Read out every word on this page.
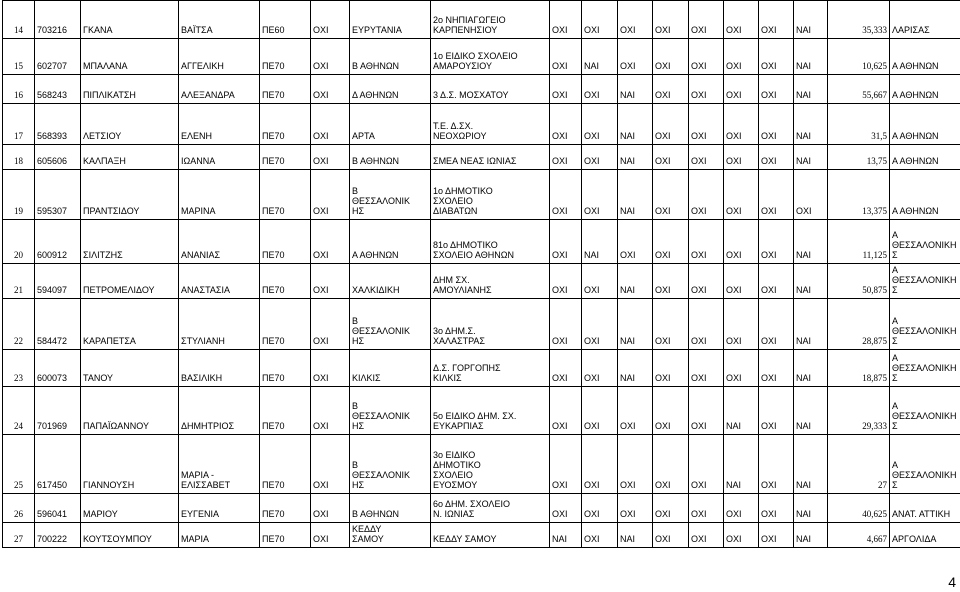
14	703216	ΓΚΑΝΑ	ΒΑΪΤΣΑ	ΠΕ60	ΟΧΙ	ΕΥΡΥΤΑΝΙΑ	2ο ΝΗΠΙΑΓΩΓΕΙΟ
ΚΑΡΠΕΝΗΣΙΟΥ	ΟΧΙ	ΟΧΙ	ΟΧΙ	ΟΧΙ	ΟΧΙ	ΟΧΙ	ΟΧΙ	ΝΑΙ	35,333	ΛΑΡΙΣΑΣ
15	602707	ΜΠΑΛΑΝΑ	ΑΓΓΕΛΙΚΗ	ΠΕ70	ΟΧΙ	Β ΑΘΗΝΩΝ	1ο ΕΙΔΙΚΟ ΣΧΟΛΕΙΟ
ΑΜΑΡΟΥΣΙΟΥ	ΟΧΙ	ΝΑΙ	ΟΧΙ	ΟΧΙ	ΟΧΙ	ΟΧΙ	ΟΧΙ	ΝΑΙ	10,625	Α ΑΘΗΝΩΝ
16	568243	ΠΙΠΛΙΚΑΤΣΗ	ΑΛΕΞΑΝΔΡΑ	ΠΕ70	ΟΧΙ	Δ ΑΘΗΝΩΝ	3 Δ.Σ. ΜΟΣΧΑΤΟΥ	ΟΧΙ	ΟΧΙ	ΝΑΙ	ΟΧΙ	ΟΧΙ	ΟΧΙ	ΟΧΙ	ΝΑΙ	55,667	Α ΑΘΗΝΩΝ
17	568393	ΛΕΤΣΙΟΥ	ΕΛΕΝΗ	ΠΕ70	ΟΧΙ	ΑΡΤΑ	Τ.Ε. Δ.ΣΧ.
ΝΕΟΧΩΡΙΟΥ	ΟΧΙ	ΟΧΙ	ΝΑΙ	ΟΧΙ	ΟΧΙ	ΟΧΙ	ΟΧΙ	ΝΑΙ	31,5	Α ΑΘΗΝΩΝ
18	605606	ΚΑΛΠΑΞΗ	ΙΩΑΝΝΑ	ΠΕ70	ΟΧΙ	Β ΑΘΗΝΩΝ	ΣΜΕΑ ΝΕΑΣ ΙΩΝΙΑΣ	ΟΧΙ	ΟΧΙ	ΝΑΙ	ΟΧΙ	ΟΧΙ	ΟΧΙ	ΟΧΙ	ΝΑΙ	13,75	Α ΑΘΗΝΩΝ
19	595307	ΠΡΑΝΤΣΙΔΟΥ	ΜΑΡΙΝΑ	ΠΕ70	ΟΧΙ	Β
ΘΕΣΣΑΛΟΝΙΚ
ΗΣ	1ο ΔΗΜΟΤΙΚΟ
ΣΧΟΛΕΙΟ
ΔΙΑΒΑΤΩΝ	ΟΧΙ	ΟΧΙ	ΝΑΙ	ΟΧΙ	ΟΧΙ	ΟΧΙ	ΟΧΙ	ΟΧΙ	13,375	Α ΑΘΗΝΩΝ
20	600912	ΣΙΛΙΤΖΗΣ	ΑΝΑΝΙΑΣ	ΠΕ70	ΟΧΙ	Α ΑΘΗΝΩΝ	81ο ΔΗΜΟΤΙΚΟ
ΣΧΟΛΕΙΟ ΑΘΗΝΩΝ	ΟΧΙ	ΝΑΙ	ΟΧΙ	ΟΧΙ	ΟΧΙ	ΟΧΙ	ΟΧΙ	ΝΑΙ	11,125	Α
ΘΕΣΣΑΛΟΝΙΚΗ
Σ
21	594097	ΠΕΤΡΟΜΕΛΙΔΟΥ	ΑΝΑΣΤΑΣΙΑ	ΠΕ70	ΟΧΙ	ΧΑΛΚΙΔΙΚΗ	ΔΗΜ ΣΧ.
ΑΜΟΥΛΙΑΝΗΣ	ΟΧΙ	ΟΧΙ	ΝΑΙ	ΟΧΙ	ΟΧΙ	ΟΧΙ	ΟΧΙ	ΝΑΙ	50,875	Α
ΘΕΣΣΑΛΟΝΙΚΗ
Σ
22	584472	ΚΑΡΑΠΕΤΣΑ	ΣΤΥΛΙΑΝΗ	ΠΕ70	ΟΧΙ	Β
ΘΕΣΣΑΛΟΝΙΚ
ΗΣ	3ο ΔΗΜ.Σ.
ΧΑΛΑΣΤΡΑΣ	ΟΧΙ	ΟΧΙ	ΝΑΙ	ΟΧΙ	ΟΧΙ	ΟΧΙ	ΟΧΙ	ΝΑΙ	28,875	Α
ΘΕΣΣΑΛΟΝΙΚΗ
Σ
23	600073	ΤΑΝΟΥ	ΒΑΣΙΛΙΚΗ	ΠΕ70	ΟΧΙ	ΚΙΛΚΙΣ	Δ.Σ. ΓΟΡΓΟΠΗΣ
ΚΙΛΚΙΣ	ΟΧΙ	ΟΧΙ	ΝΑΙ	ΟΧΙ	ΟΧΙ	ΟΧΙ	ΟΧΙ	ΝΑΙ	18,875	Α
ΘΕΣΣΑΛΟΝΙΚΗ
Σ
24	701969	ΠΑΠΑΪΩΑΝΝΟΥ	ΔΗΜΗΤΡΙΟΣ	ΠΕ70	ΟΧΙ	Β
ΘΕΣΣΑΛΟΝΙΚ
ΗΣ	5ο ΕΙΔΙΚΟ ΔΗΜ. ΣΧ.
ΕΥΚΑΡΠΙΑΣ	ΟΧΙ	ΟΧΙ	ΟΧΙ	ΟΧΙ	ΟΧΙ	ΝΑΙ	ΟΧΙ	ΝΑΙ	29,333	Α
ΘΕΣΣΑΛΟΝΙΚΗ
Σ
25	617450	ΓΙΑΝΝΟΥΣΗ	ΜΑΡΙΑ -
ΕΛΙΣΣΑΒΕΤ	ΠΕ70	ΟΧΙ	Β
ΘΕΣΣΑΛΟΝΙΚ
ΗΣ	3ο ΕΙΔΙΚΟ
ΔΗΜΟΤΙΚΟ
ΣΧΟΛΕΙΟ
ΕΥΟΣΜΟΥ	ΟΧΙ	ΟΧΙ	ΟΧΙ	ΟΧΙ	ΟΧΙ	ΝΑΙ	ΟΧΙ	ΝΑΙ	27	Α
ΘΕΣΣΑΛΟΝΙΚΗ
Σ
26	596041	ΜΑΡΙΟΥ	ΕΥΓΕΝΙΑ	ΠΕ70	ΟΧΙ	Β ΑΘΗΝΩΝ	6ο ΔΗΜ. ΣΧΟΛΕΙΟ
Ν. ΙΩΝΙΑΣ	ΟΧΙ	ΟΧΙ	ΟΧΙ	ΟΧΙ	ΟΧΙ	ΟΧΙ	ΟΧΙ	ΝΑΙ	40,625	ΑΝΑΤ. ΑΤΤΙΚΗ
27	700222	ΚΟΥΤΣΟΥΜΠΟΥ	ΜΑΡΙΑ	ΠΕ70	ΟΧΙ	ΚΕΔΔΥ
ΣΑΜΟΥ	ΚΕΔΔΥ ΣΑΜΟΥ	ΝΑΙ	ΟΧΙ	ΝΑΙ	ΟΧΙ	ΟΧΙ	ΟΧΙ	ΟΧΙ	ΝΑΙ	4,667	ΑΡΓΟΛΙΔΑ
4
